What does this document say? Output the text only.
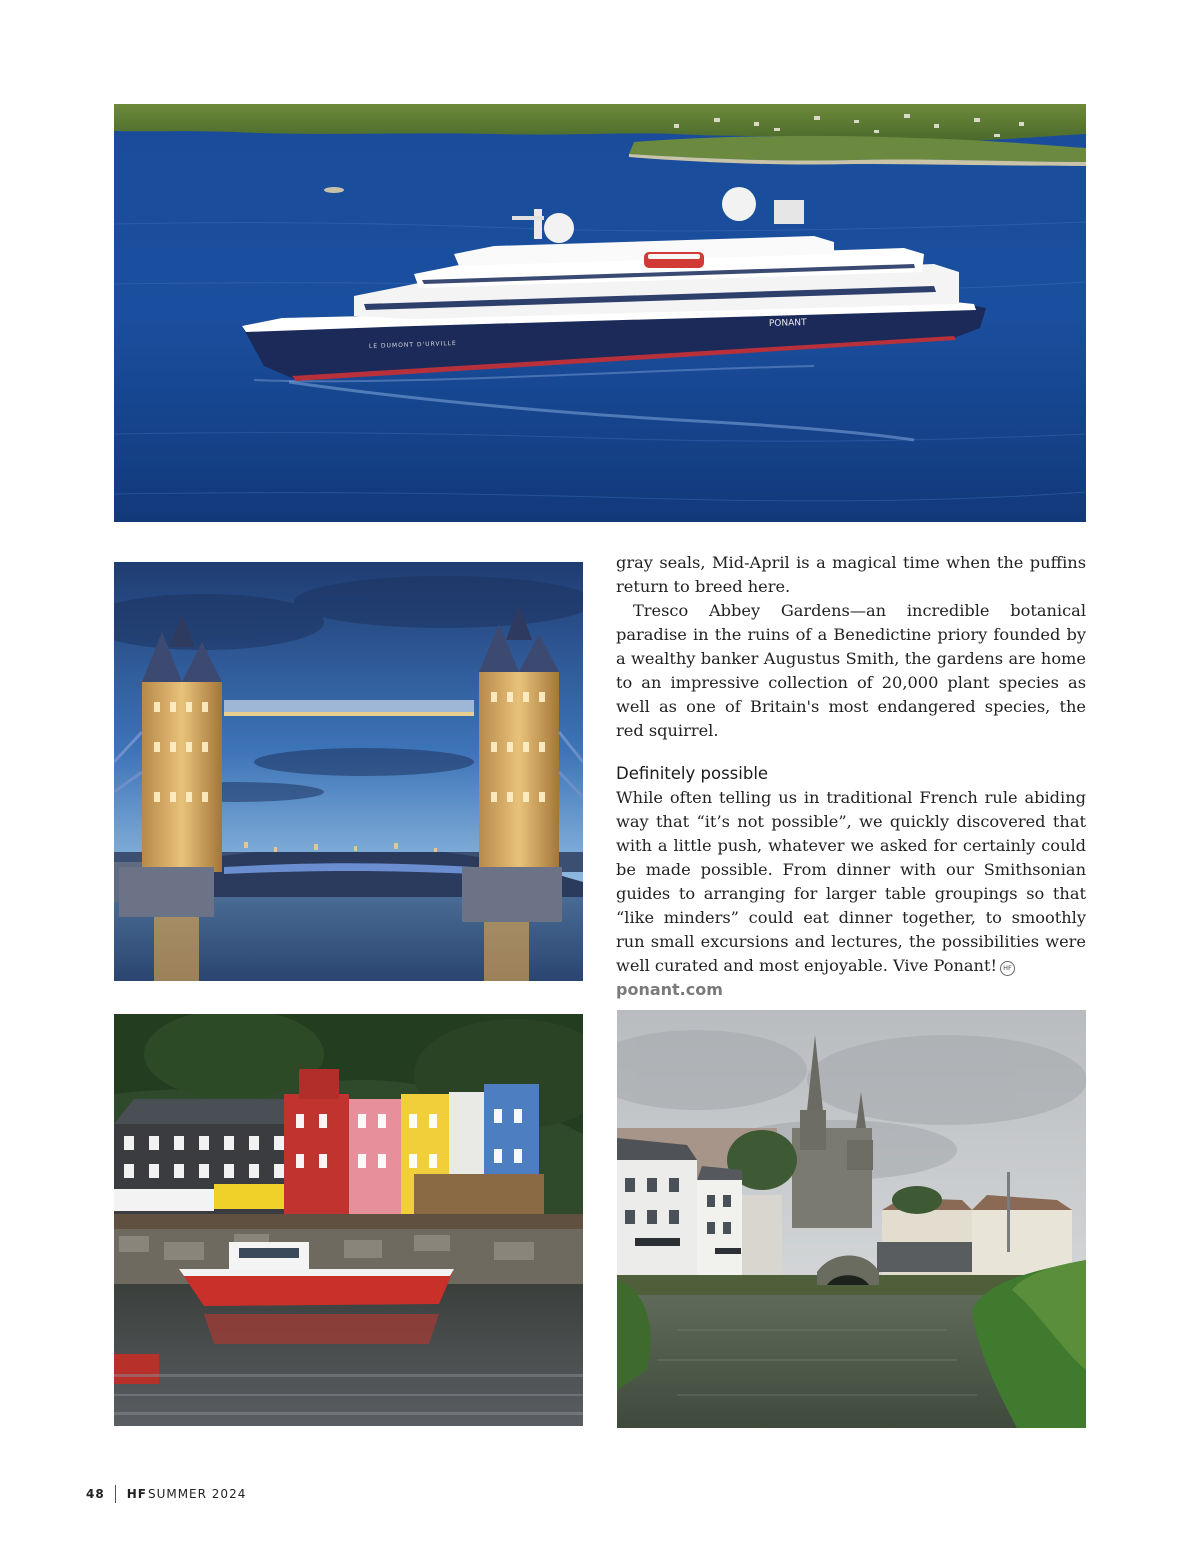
LE DUMONT D'URVILLE
PONANT

gray seals, Mid-April is a magical time when the puffins return to breed here.

Tresco Abbey Gardens—an incredible botanical paradise in the ruins of a Benedictine priory founded by a wealthy banker Augustus Smith, the gardens are home to an impressive collection of 20,000 plant species as well as one of Britain's most endangered species, the red squirrel.

Definitely possible

While often telling us in traditional French rule abiding way that “it’s not possible”, we quickly discovered that with a little push, whatever we asked for certainly could be made possible. From dinner with our Smithsonian guides to arranging for larger table groupings so that “like minders” could eat dinner together, to smoothly run small excursions and lectures, the possibilities were well curated and most enjoyable. Vive Ponant! HF

ponant.com
48 HF SUMMER 2024
